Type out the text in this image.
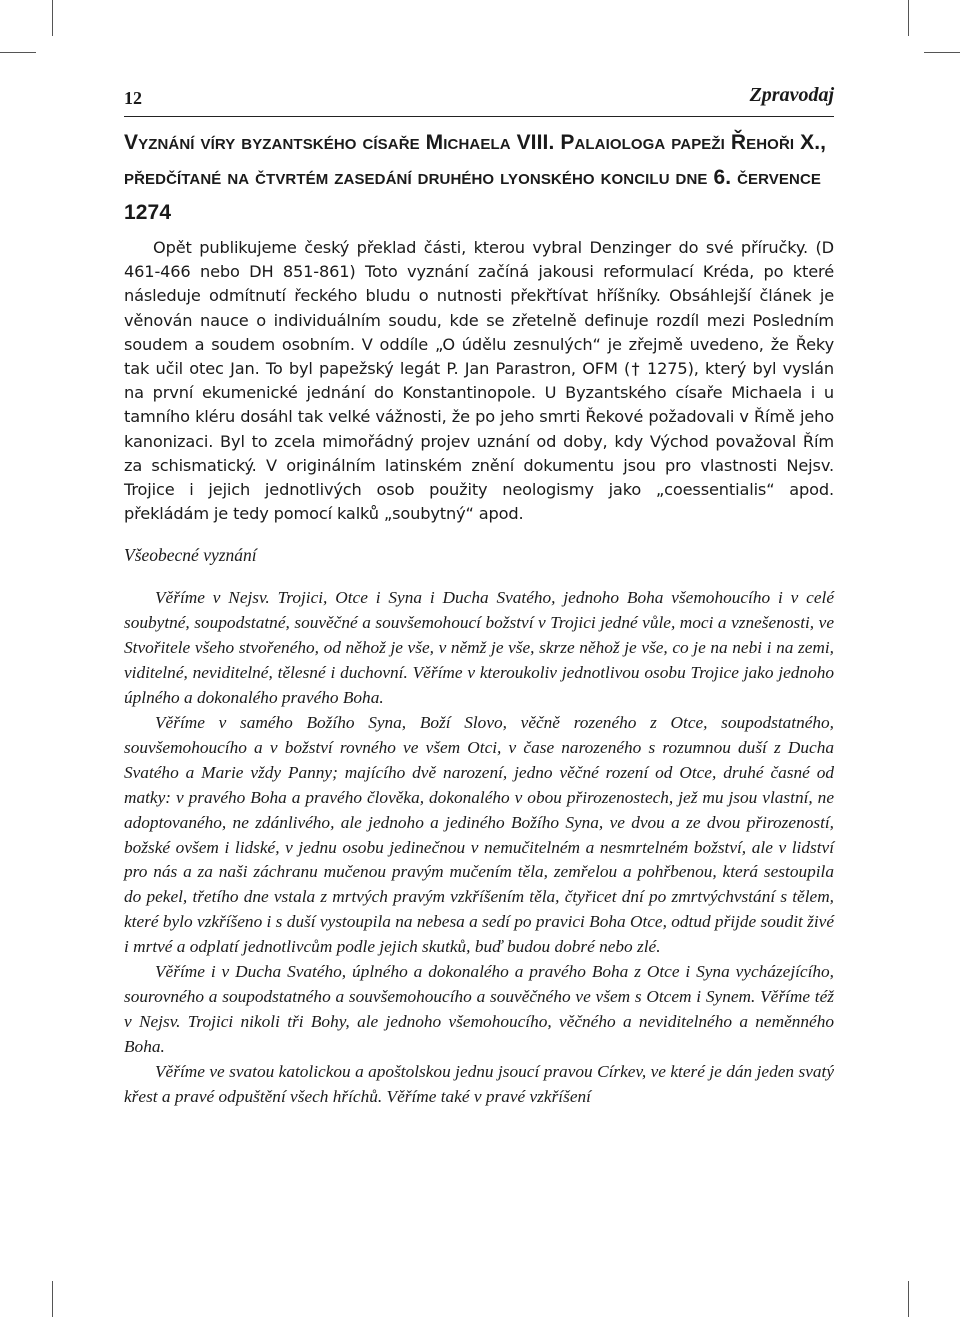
12	Zpravodaj
Vyznání víry byzantského císaře Michaela VIII. Palaiologa papeži Řehoři X., předčítané na čtvrtém zasedání druhého lyonského koncilu dne 6. července 1274
Opět publikujeme český překlad části, kterou vybral Denzinger do své příručky. (D 461-466 nebo DH 851-861) Toto vyznání začíná jakousi reformulací Kréda, po které následuje odmítnutí řeckého bludu o nutnosti překřtívat hříšníky. Obsáhlejší článek je věnován nauce o individuálním soudu, kde se zřetelně definuje rozdíl mezi Posledním soudem a soudem osobním. V oddíle „O údělu zesnulých“ je zřejmě uvedeno, že Řeky tak učil otec Jan. To byl papežský legát P. Jan Parastron, OFM († 1275), který byl vyslán na první ekumenické jednání do Konstantinopole. U Byzantského císaře Michaela i u tamního kléru dosáhl tak velké vážnosti, že po jeho smrti Řekové požadovali v Římě jeho kanonizaci. Byl to zcela mimořádný projev uznání od doby, kdy Východ považoval Řím za schismatický. V originálním latinském znění dokumentu jsou pro vlastnosti Nejsv. Trojice i jejich jednotlivých osob použity neologismy jako „coessentialis“ apod. překládám je tedy pomocí kalků „soubytný“ apod.
Všeobecné vyznání

Věříme v Nejsv. Trojici, Otce i Syna i Ducha Svatého, jednoho Boha všemohoucího i v celé soubytné, soupodstatné, souvěčné a souvšemohoucí božství v Trojici jedné vůle, moci a vznešenosti, ve Stvořitele všeho stvořeného, od něhož je vše, v němž je vše, skrze něhož je vše, co je na nebi i na zemi, viditelné, neviditelné, tělesné i duchovní. Věříme v kteroukoliv jednotlivou osobu Trojice jako jednoho úplného a dokonalého pravého Boha.

Věříme v samého Božího Syna, Boží Slovo, věčně rozeného z Otce, soupodstatného, souvšemohoucího a v božství rovného ve všem Otci, v čase narozeného s rozumnou duší z Ducha Svatého a Marie vždy Panny; majícího dvě narození, jedno věčné rození od Otce, druhé časné od matky: v pravého Boha a pravého člověka, dokonalého v obou přirozenostech, jež mu jsou vlastní, ne adoptovaného, ne zdánlivého, ale jednoho a jediného Božího Syna, ve dvou a ze dvou přirozeností, božské ovšem i lidské, v jednu osobu jedinečnou v nemučitelném a nesmrtelném božství, ale v lidství pro nás a za naši záchranu mučenou pravým mučením těla, zemřelou a pohřbenou, která sestoupila do pekel, třetího dne vstala z mrtvých pravým vzkříšením těla, čtyřicet dní po zmrtvýchvstání s tělem, které bylo vzkříšeno i s duší vystoupila na nebesa a sedí po pravici Boha Otce, odtud přijde soudit živé i mrtvé a odplatí jednotlivcům podle jejich skutků, buď budou dobré nebo zlé.

Věříme i v Ducha Svatého, úplného a dokonalého a pravého Boha z Otce i Syna vycházejícího, sourovného a soupodstatného a souvšemohoucího a souvěčného ve všem s Otcem i Synem. Věříme též v Nejsv. Trojici nikoli tři Bohy, ale jednoho všemohoucího, věčného a neviditelného a neměnného Boha.

Věříme ve svatou katolickou a apoštolskou jednu jsoucí pravou Církev, ve které je dán jeden svatý křest a pravé odpuštění všech hříchů. Věříme také v pravé vzkříšení
